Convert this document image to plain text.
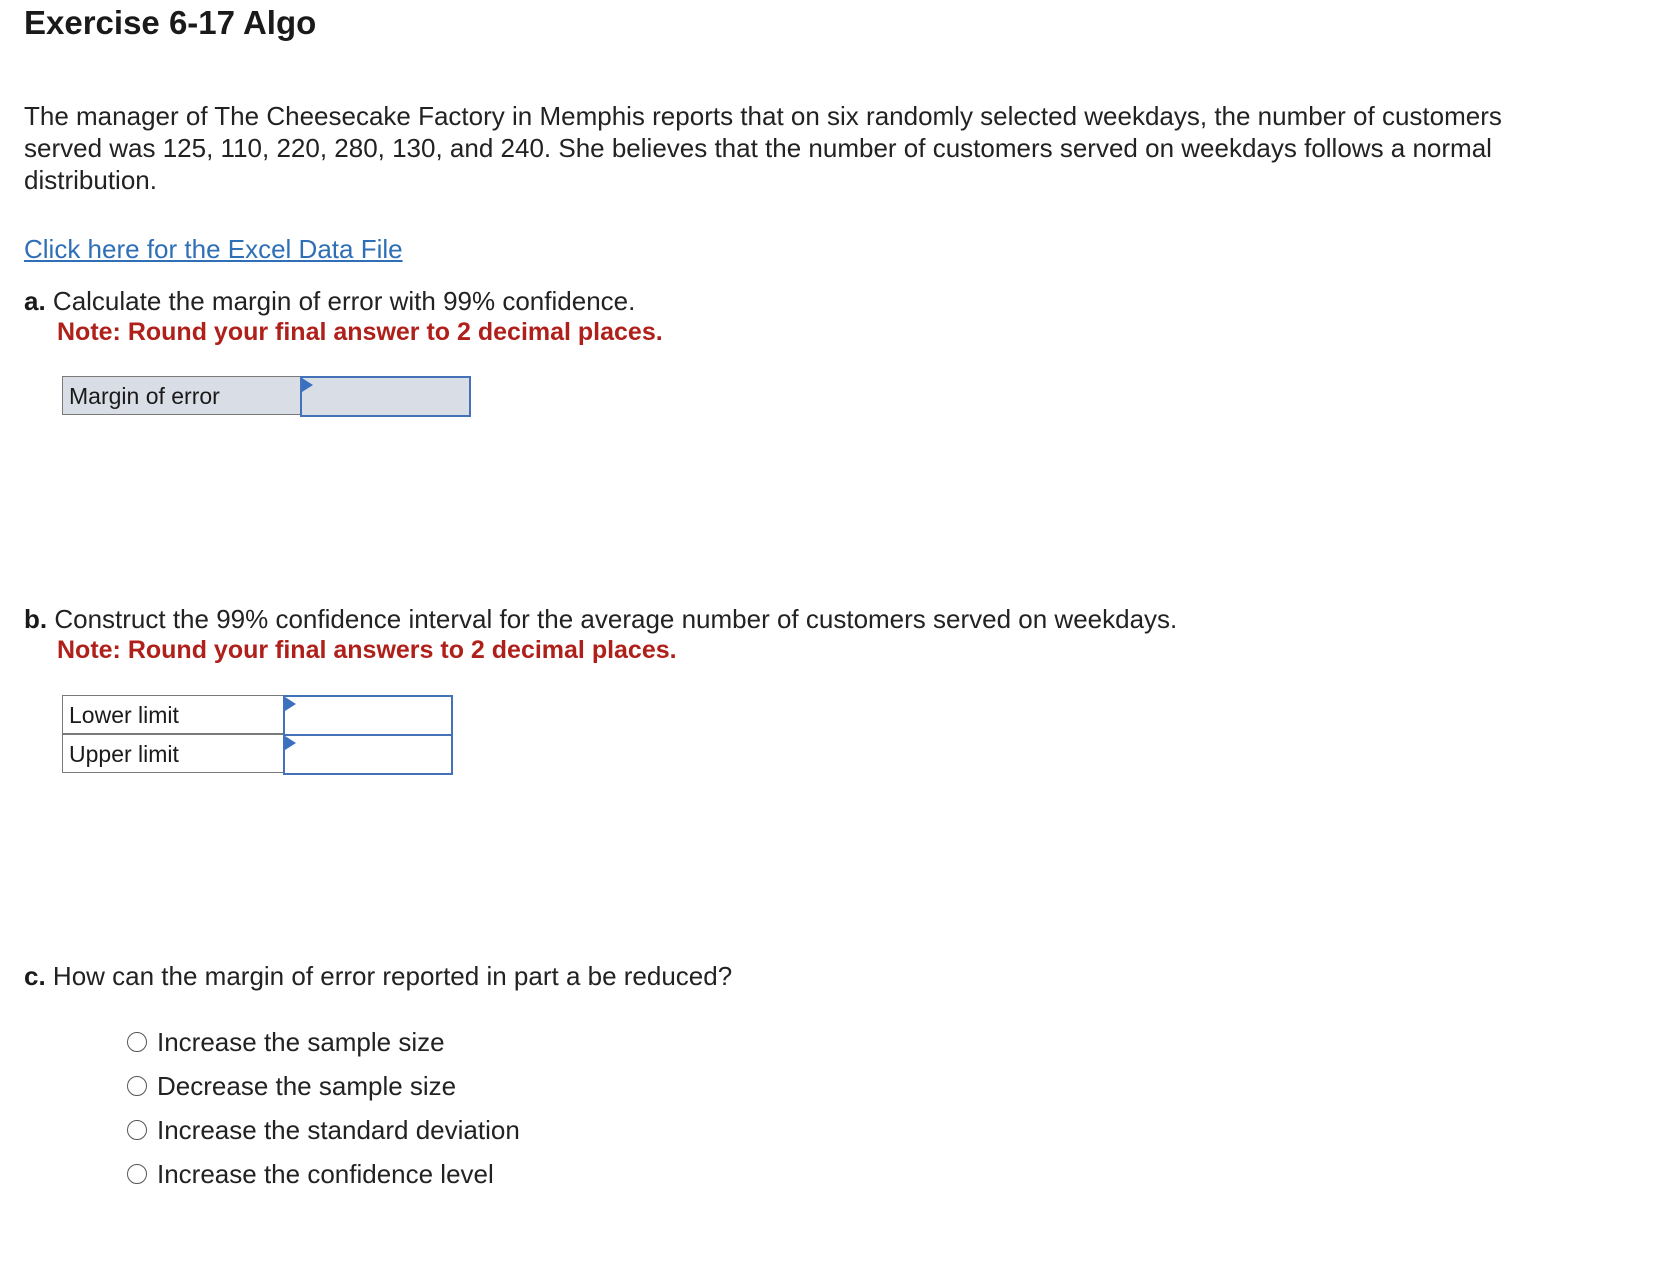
Exercise 6-17 Algo
The manager of The Cheesecake Factory in Memphis reports that on six randomly selected weekdays, the number of customers
served was 125, 110, 220, 280, 130, and 240. She believes that the number of customers served on weekdays follows a normal
distribution.
Click here for the Excel Data File
a. Calculate the margin of error with 99% confidence.
Note: Round your final answer to 2 decimal places.
Margin of error
b. Construct the 99% confidence interval for the average number of customers served on weekdays.
Note: Round your final answers to 2 decimal places.
Lower limit
Upper limit
c. How can the margin of error reported in part a be reduced?
Increase the sample size
Decrease the sample size
Increase the standard deviation
Increase the confidence level
